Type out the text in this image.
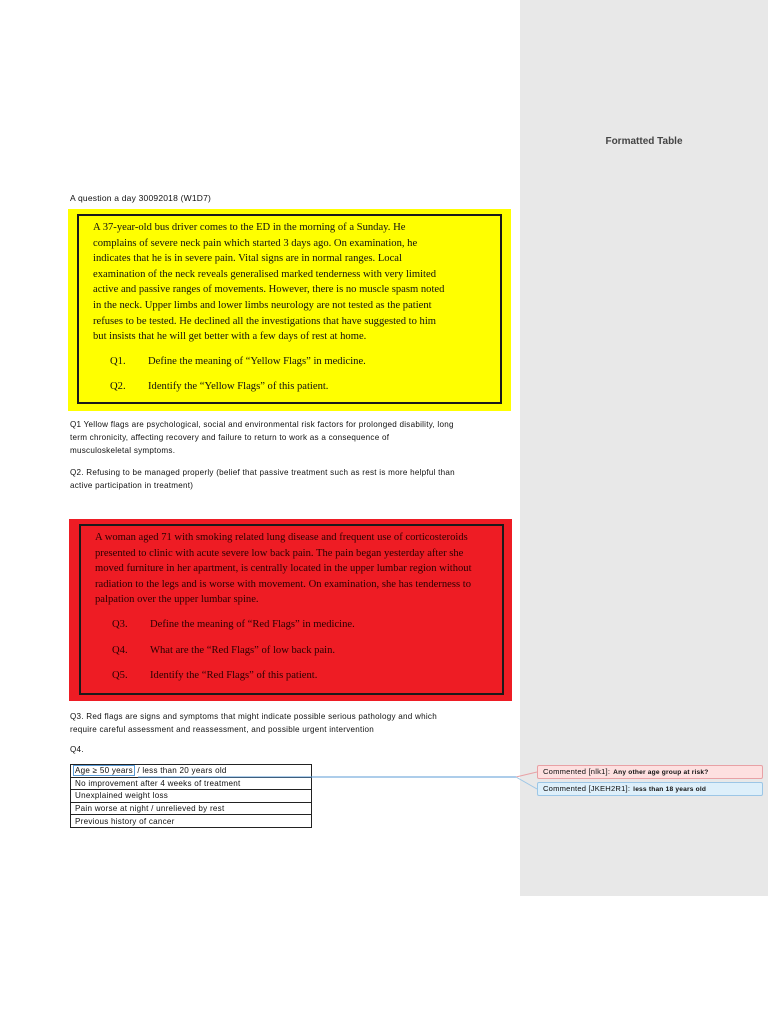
A question a day 30092018 (W1D7)
A 37-year-old bus driver comes to the ED in the morning of a Sunday. He
complains of severe neck pain which started 3 days ago. On examination, he
indicates that he is in severe pain. Vital signs are in normal ranges. Local
examination of the neck reveals generalised marked tenderness with very limited
active and passive ranges of movements. However, there is no muscle spasm noted
in the neck. Upper limbs and lower limbs neurology are not tested as the patient
refuses to be tested. He declined all the investigations that have suggested to him
but insists that he will get better with a few days of rest at home.
Q1.	Define the meaning of “Yellow Flags” in medicine.
Q2.	Identify the “Yellow Flags” of this patient.
Q1 Yellow flags are psychological, social and environmental risk factors for prolonged disability, long
term chronicity, affecting recovery and failure to return to work as a consequence of
musculoskeletal symptoms.
Q2. Refusing to be managed properly (belief that passive treatment such as rest is more helpful than
active participation in treatment)
A woman aged 71 with smoking related lung disease and frequent use of corticosteroids
presented to clinic with acute severe low back pain. The pain began yesterday after she
moved furniture in her apartment, is centrally located in the upper lumbar region without
radiation to the legs and is worse with movement. On examination, she has tenderness to
palpation over the upper lumbar spine.
Q3.	Define the meaning of “Red Flags” in medicine.
Q4.	What are the “Red Flags” of low back pain.
Q5.	Identify the “Red Flags” of this patient.
Q3. Red flags are signs and symptoms that might indicate possible serious pathology and which
require careful assessment and reassessment, and possible urgent intervention
Q4.
Age ≥ 50 years / less than 20 years old
No improvement after 4 weeks of treatment
Unexplained weight loss
Pain worse at night / unrelieved by rest
Previous history of cancer
Formatted Table
Commented [nlk1]: Any other age group at risk?
Commented [JKEH2R1]: less than 18 years old
